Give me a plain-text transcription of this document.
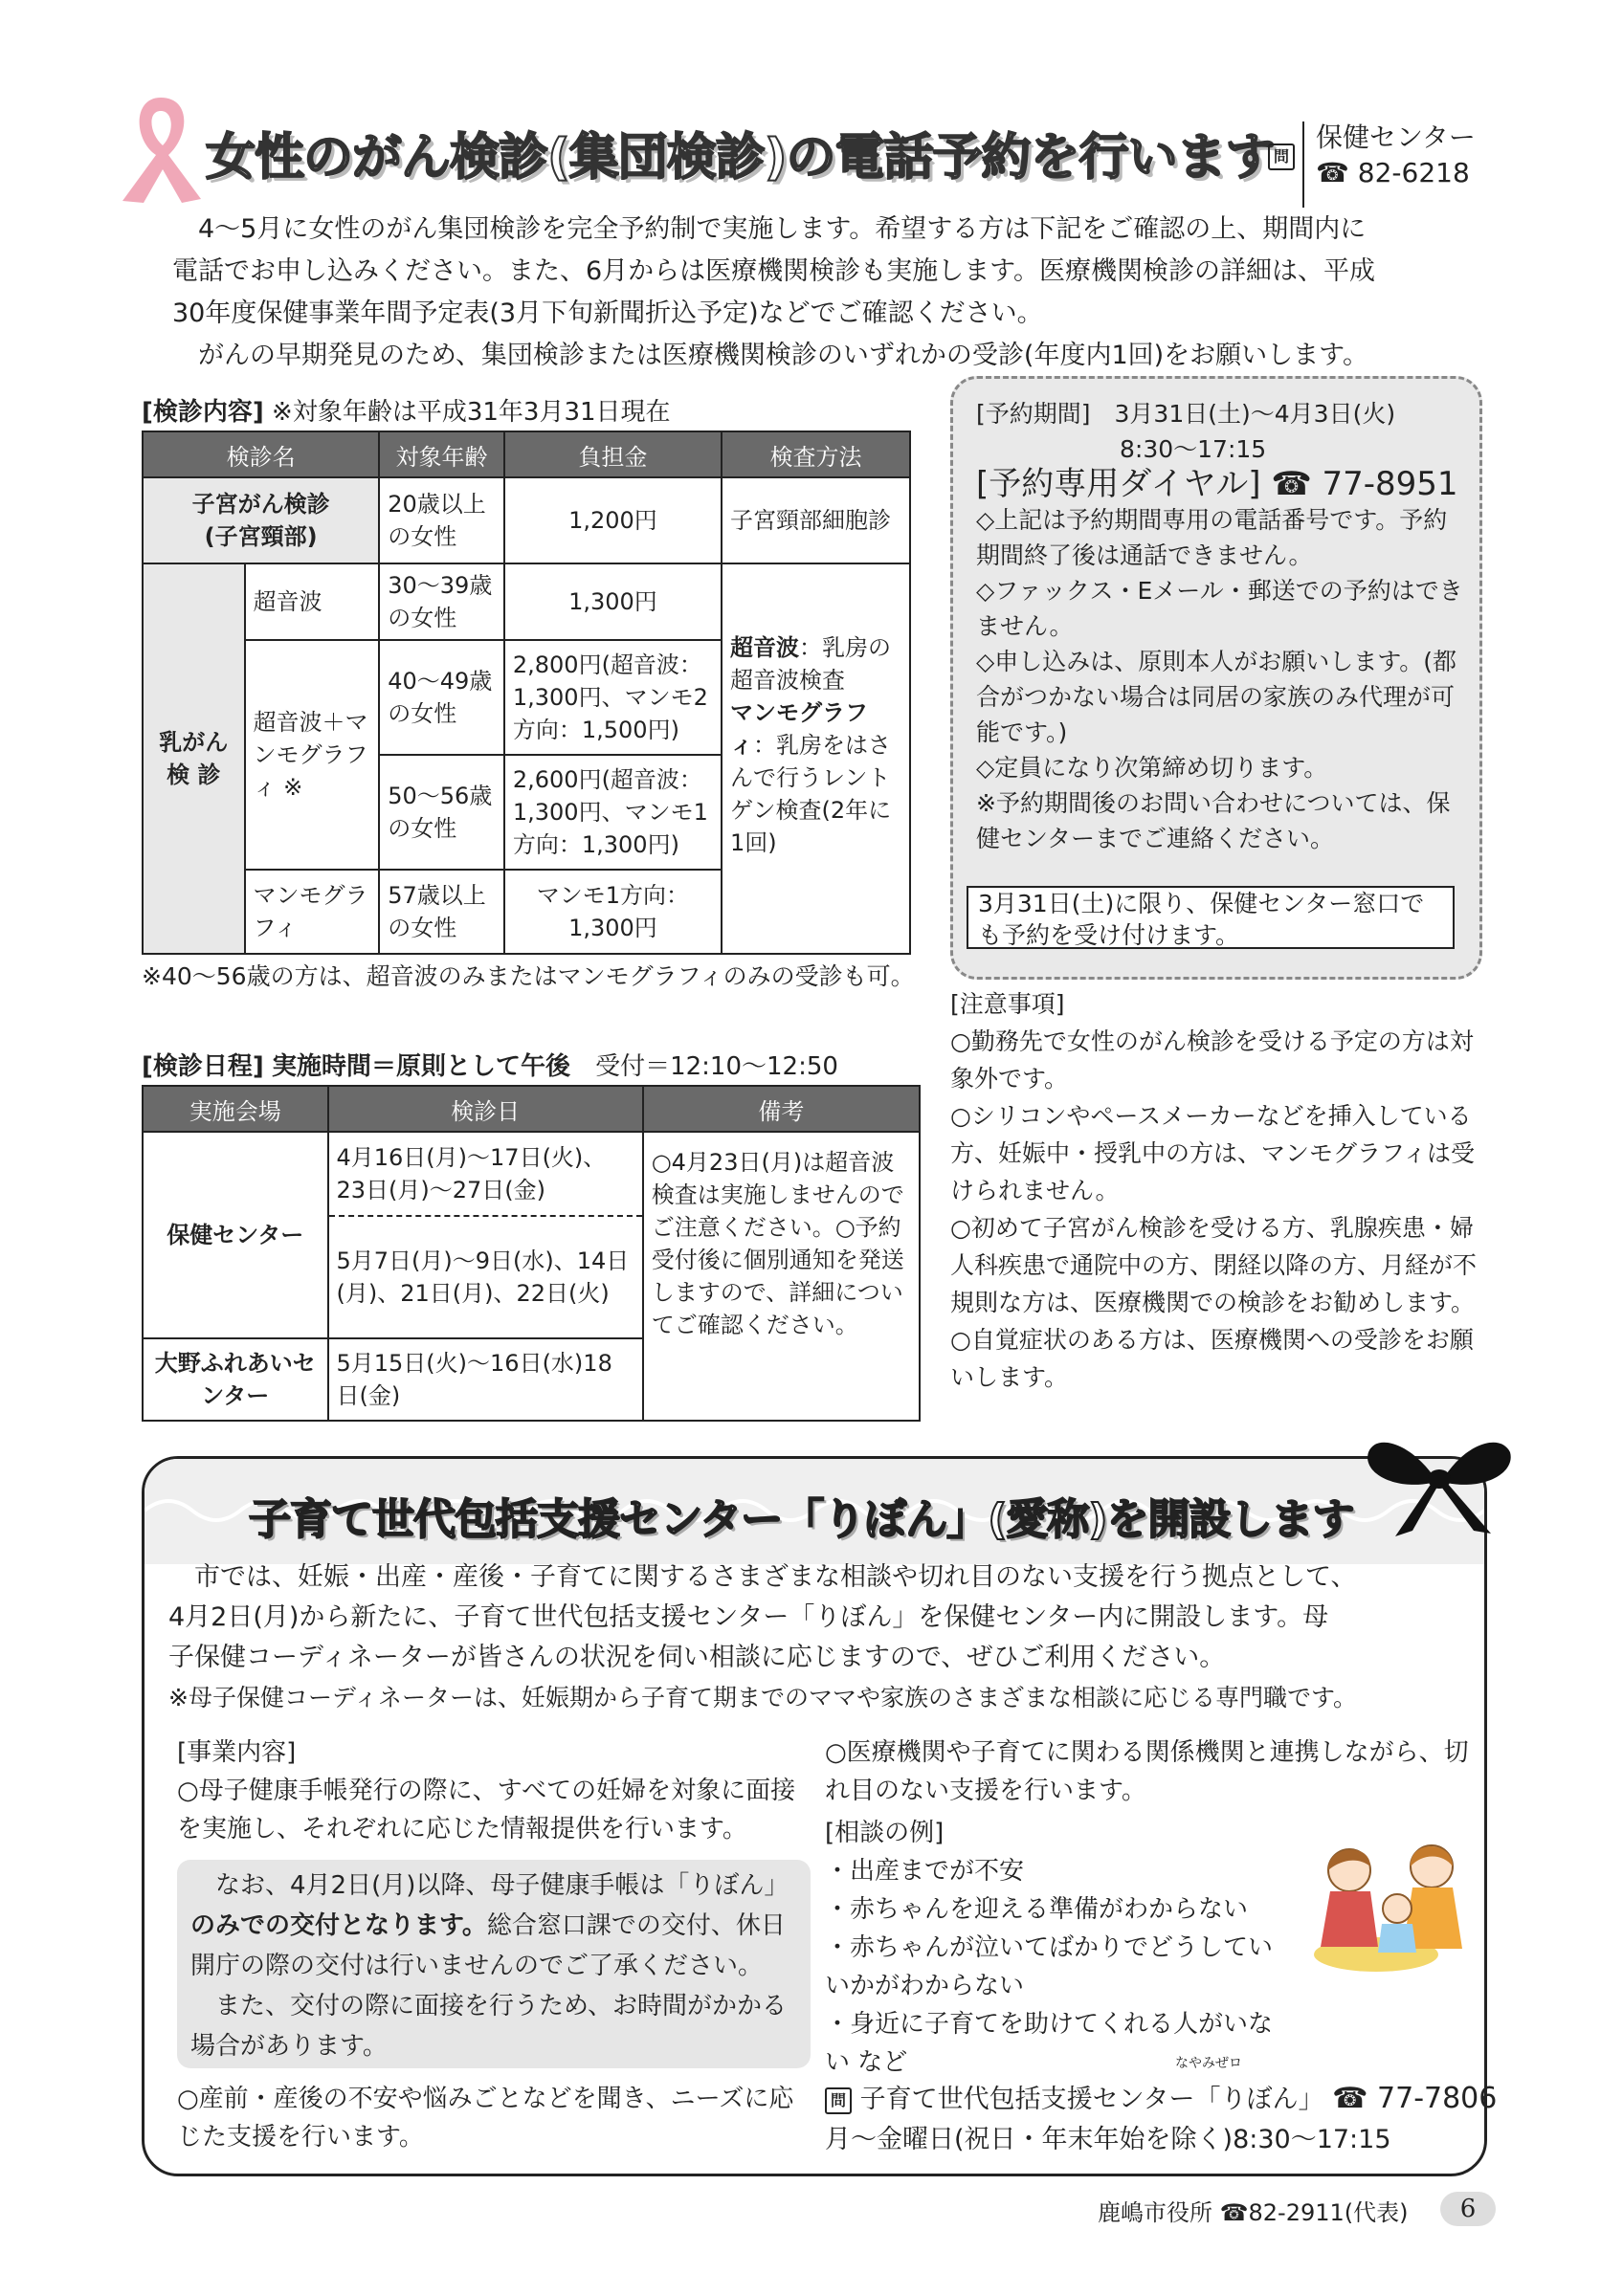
女性のがん検診(集団検診)の電話予約を行います 問
保健センター
☎ 82-6218

4～5月に女性のがん集団検診を完全予約制で実施します。希望する方は下記をご確認の上、期間内に

電話でお申し込みください。また、6月からは医療機関検診も実施します。医療機関検診の詳細は、平成

30年度保健事業年間予定表(3月下旬新聞折込予定)などでご確認ください。

がんの早期発見のため、集団検診または医療機関検診のいずれかの受診(年度内1回)をお願いします。

[検診内容] ※対象年齢は平成31年3月31日現在
検診名		対象年齢	負担金	検査方法

子宮がん検診
(子宮頸部)		20歳以上の女性	1,200円	子宮頸部細胞診
乳がん検 診	超音波	30～39歳の女性	1,300円	超音波：乳房の超音波検査
マンモグラフィ：乳房をはさんで行うレントゲン検査(2年に1回)
	超音波＋マンモグラフィ ※	40～49歳の女性	2,800円(超音波：1,300円、マンモ2方向：1,500円)	
		50～56歳の女性	2,600円(超音波：1,300円、マンモ1方向：1,300円)	
	マンモグラフィ	57歳以上の女性	マンモ1方向：1,300円	
※40～56歳の方は、超音波のみまたはマンモグラフィのみの受診も可。
[検診日程] 実施時間＝原則として午後　 受付＝12:10～12:50
実施会場	検診日	備考
保健センター	4月16日(月)～17日(火)、23日(月)～27日(金)	○4月23日(月)は超音波検査は実施しませんのでご注意ください。○予約受付後に個別通知を発送しますので、詳細についてご確認ください。
	5月7日(月)～9日(水)、14日(月)、21日(月)、22日(火)	
大野ふれあいセンター	5月15日(火)～16日(水)18日(金)	
[予約期間]　 3月31日(土)～4月3日(火)
8:30～17:15
[予約専用ダイヤル] ☎ 77-8951
◇上記は予約期間専用の電話番号です。予約期間終了後は通話できません。
◇ファックス・Eメール・郵送での予約はできません。
◇申し込みは、原則本人がお願いします。(都合がつかない場合は同居の家族のみ代理が可能です。)
◇定員になり次第締め切ります。
※予約期間後のお問い合わせについては、保健センターまでご連絡ください。
3月31日(土)に限り、保健センター窓口でも予約を受け付けます。

[注意事項]

○勤務先で女性のがん検診を受ける予定の方は対象外です。

○シリコンやペースメーカーなどを挿入している方、妊娠中・授乳中の方は、マンモグラフィは受けられません。

○初めて子宮がん検診を受ける方、乳腺疾患・婦人科疾患で通院中の方、閉経以降の方、月経が不規則な方は、医療機関での検診をお勧めします。

○自覚症状のある方は、医療機関への受診をお願いします。

子育て世代包括支援センター「りぼん」(愛称)を開設します

市では、妊娠・出産・産後・子育てに関するさまざまな相談や切れ目のない支援を行う拠点として、

4月2日(月)から新たに、子育て世代包括支援センター「りぼん」を保健センター内に開設します。母

子保健コーディネーターが皆さんの状況を伺い相談に応じますので、ぜひご利用ください。

※母子保健コーディネーターは、妊娠期から子育て期までのママや家族のさまざまな相談に応じる専門職です。

[事業内容]

○母子健康手帳発行の際に、すべての妊婦を対象に面接を実施し、それぞれに応じた情報提供を行います。

なお、4月2日(月)以降、母子健康手帳は「りぼん」

のみでの交付となります。総合窓口課での交付、休日開庁の際の交付は行いませんのでご了承ください。

また、交付の際に面接を行うため、お時間がかかる場合があります。

○産前・産後の不安や悩みごとなどを聞き、ニーズに応じた支援を行います。

○医療機関や子育てに関わる関係機関と連携しながら、切れ目のない支援を行います。

[相談の例]

・出産までが不安

・赤ちゃんを迎える準備がわからない

・赤ちゃんが泣いてばかりでどうしていいかがわからない

・身近に子育てを助けてくれる人がいない など	なやみぜロ
問 子育て世代包括支援センター「りぼん」 ☎ 77-7806
月～金曜日(祝日・年末年始を除く)8:30～17:15
鹿嶋市役所 ☎82-2911(代表)	6
